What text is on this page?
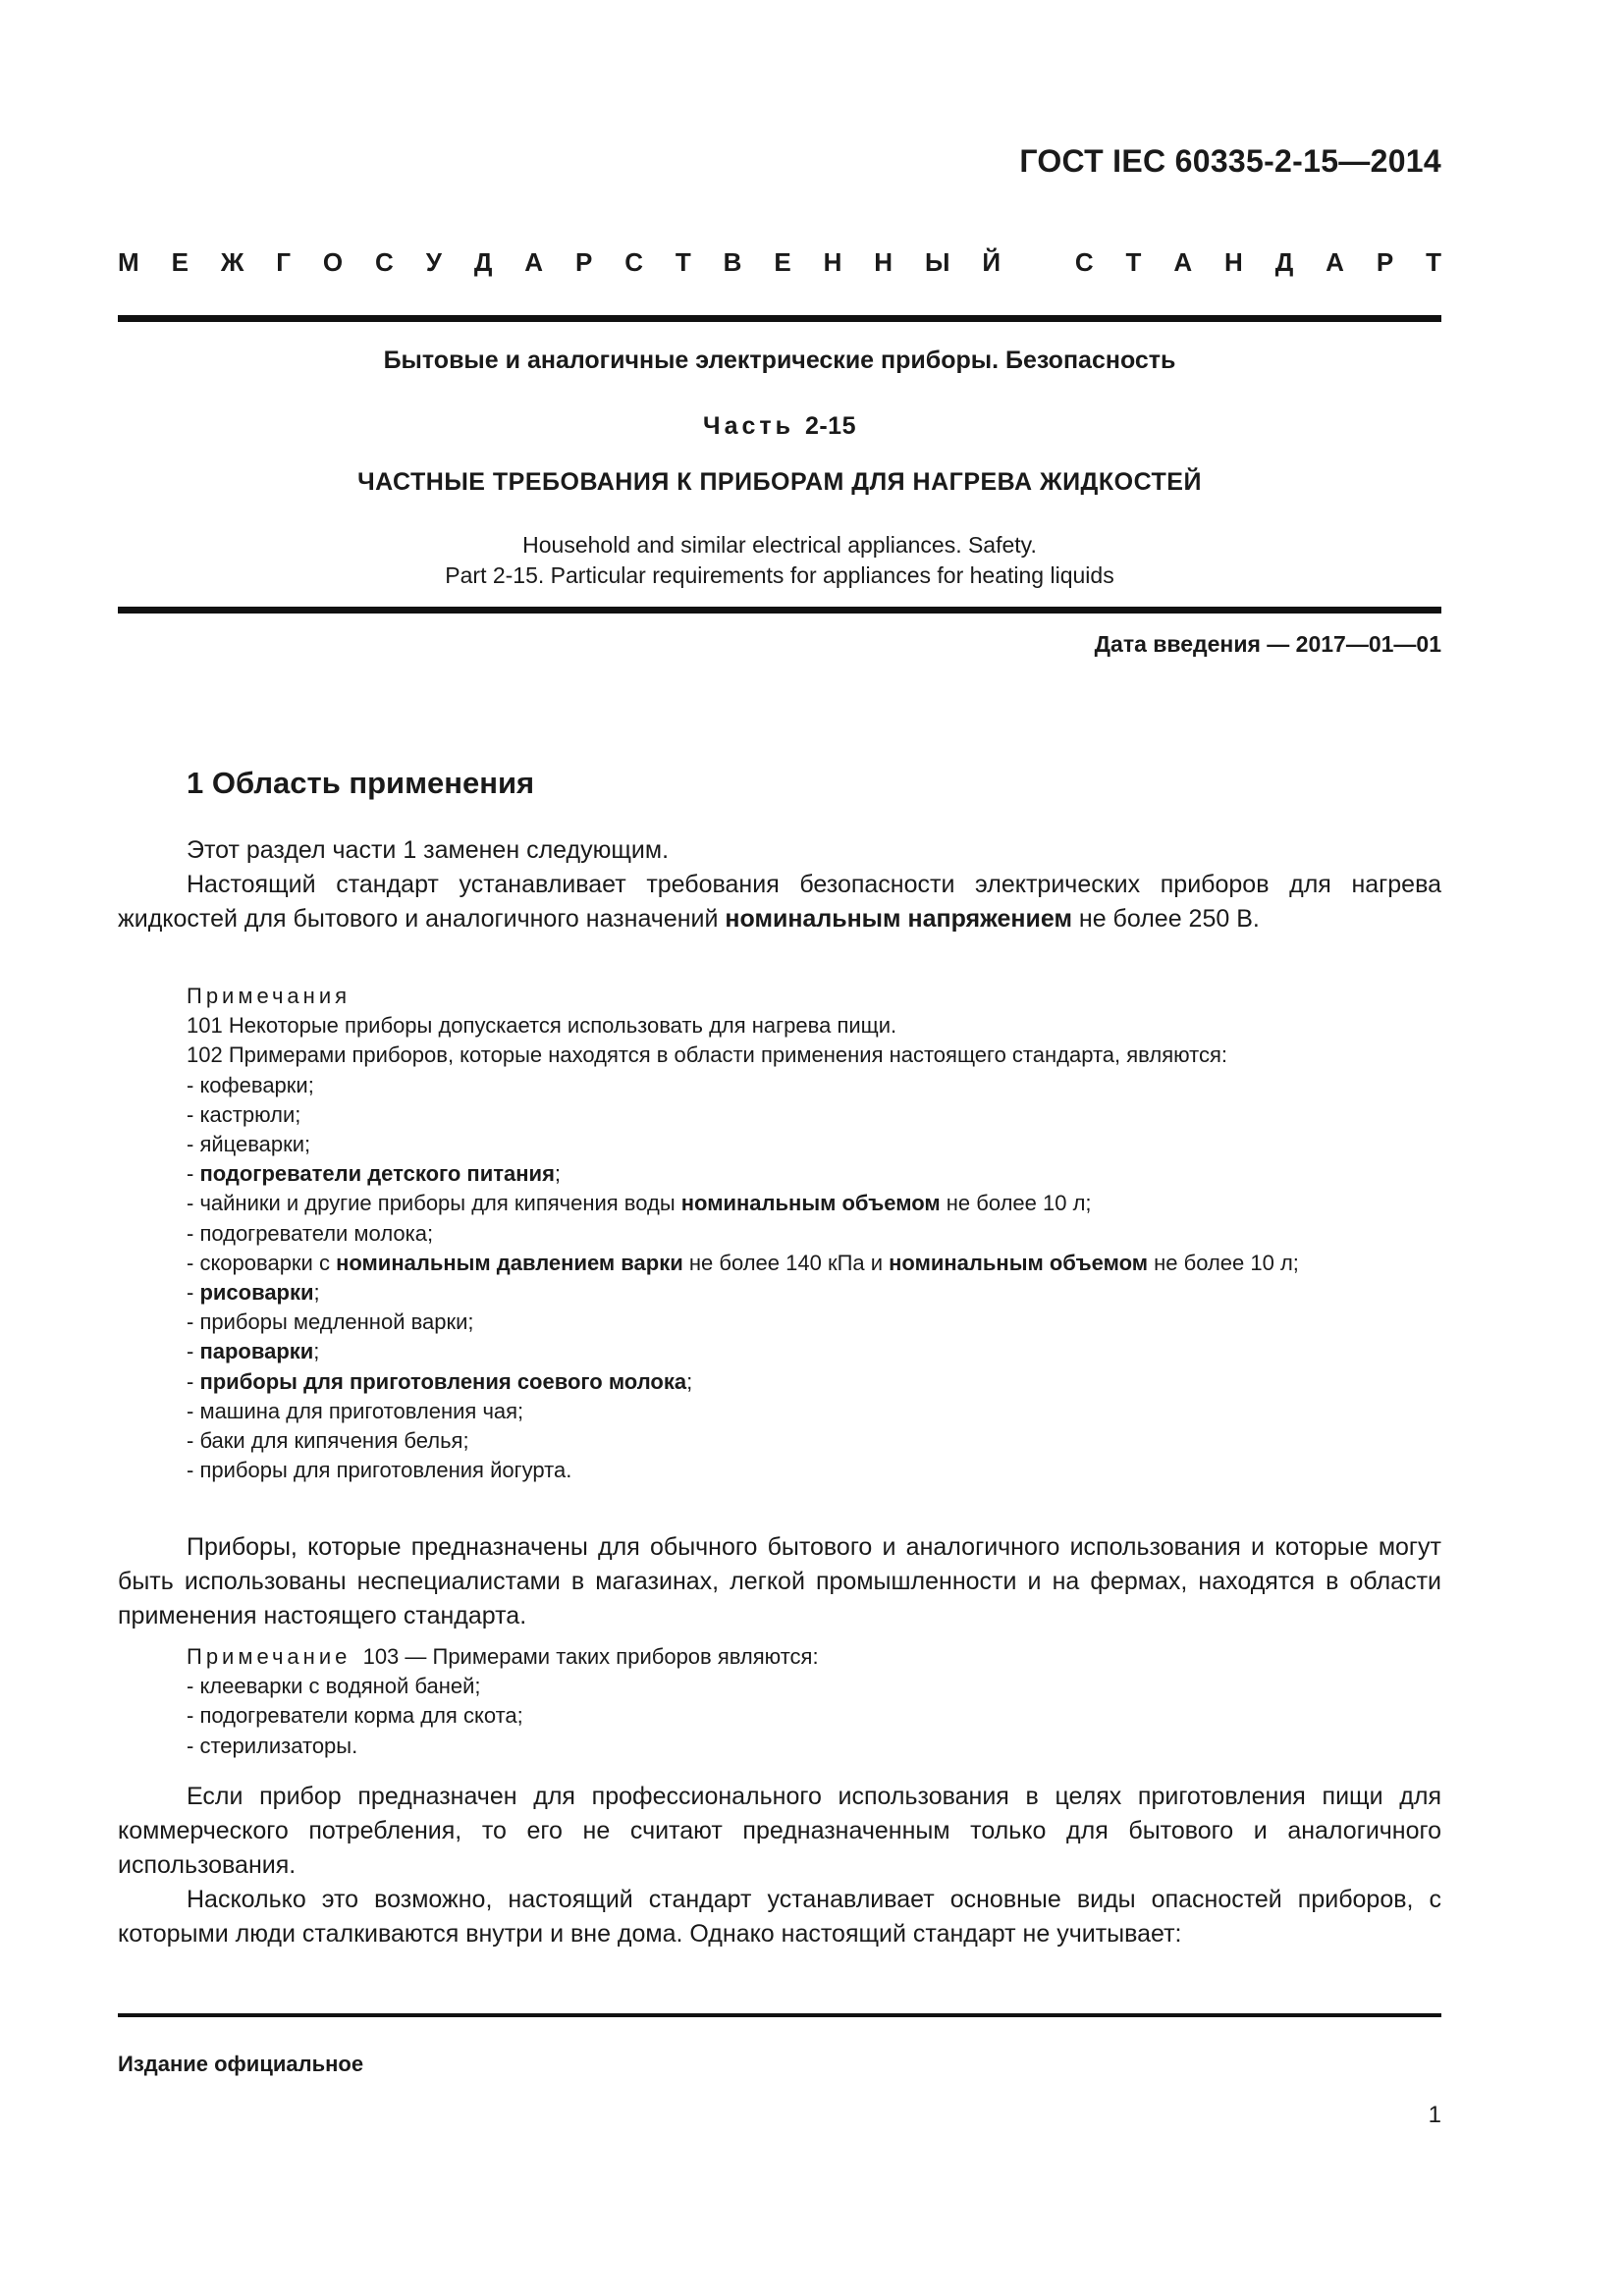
ГОСТ IEC 60335-2-15—2014
М Е Ж Г О С У Д А Р С Т В Е Н Н Ы Й	С Т А Н Д А Р Т
Бытовые и аналогичные электрические приборы. Безопасность
Часть 2-15
ЧАСТНЫЕ ТРЕБОВАНИЯ К ПРИБОРАМ ДЛЯ НАГРЕВА ЖИДКОСТЕЙ
Household and similar electrical appliances. Safety.
Part 2-15. Particular requirements for appliances for heating liquids
Дата введения — 2017—01—01
1 Область применения

Этот раздел части 1 заменен следующим.

Настоящий стандарт устанавливает требования безопасности электрических приборов для нагрева жидкостей для бытового и аналогичного назначений номинальным напряжением не более 250 В.

Примечания
101 Некоторые приборы допускается использовать для нагрева пищи.
102 Примерами приборов, которые находятся в области применения настоящего стандарта, являются:
- кофеварки;
- кастрюли;
- яйцеварки;
- подогреватели детского питания;
- чайники и другие приборы для кипячения воды номинальным объемом не более 10 л;
- подогреватели молока;
- скороварки с номинальным давлением варки не более 140 кПа и номинальным объемом не более 10 л;
- рисоварки;
- приборы медленной варки;
- пароварки;
- приборы для приготовления соевого молока;
- машина для приготовления чая;
- баки для кипячения белья;
- приборы для приготовления йогурта.

Приборы, которые предназначены для обычного бытового и аналогичного использования и которые могут быть использованы неспециалистами в магазинах, легкой промышленности и на фермах, находятся в области применения настоящего стандарта.

Примечание 103 — Примерами таких приборов являются:
- клееварки с водяной баней;
- подогреватели корма для скота;
- стерилизаторы.

Если прибор предназначен для профессионального использования в целях приготовления пищи для коммерческого потребления, то его не считают предназначенным только для бытового и аналогичного использования.

Насколько это возможно, настоящий стандарт устанавливает основные виды опасностей приборов, с которыми люди сталкиваются внутри и вне дома. Однако настоящий стандарт не учитывает:

Издание официальное
1
